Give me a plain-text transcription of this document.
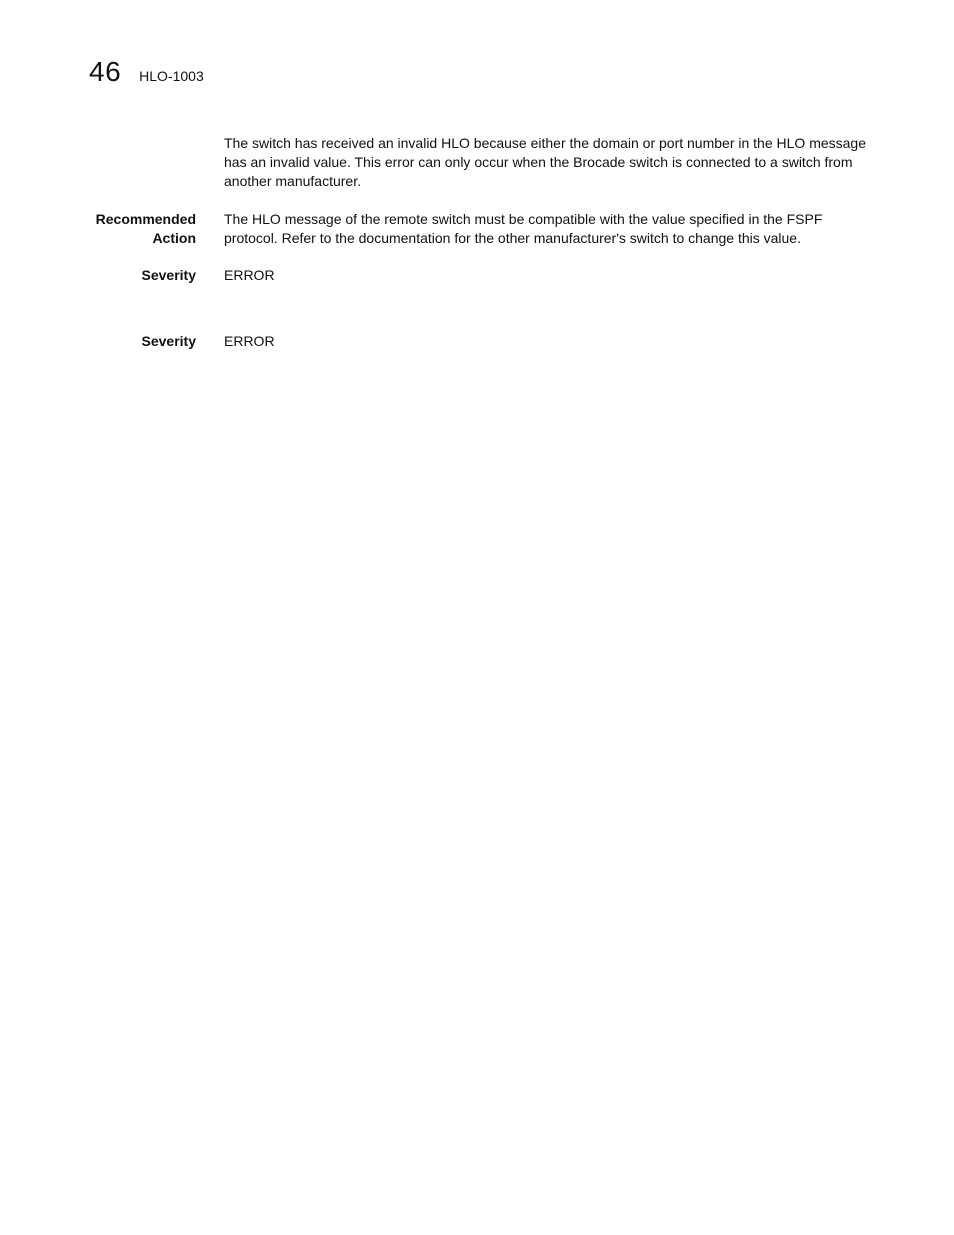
46 HLO-1003
The switch has received an invalid HLO because either the domain or port number in the HLO message has an invalid value. This error can only occur when the Brocade switch is connected to a switch from another manufacturer.
Recommended
Action
The HLO message of the remote switch must be compatible with the value specified in the FSPF protocol. Refer to the documentation for the other manufacturer's switch to change this value.
Severity ERROR
Severity ERROR
